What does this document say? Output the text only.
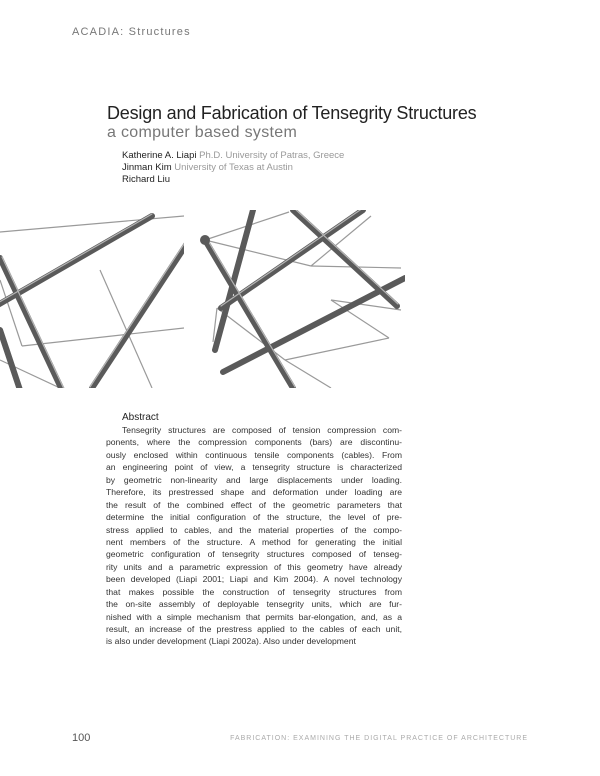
ACADIA: Structures
Design and Fabrication of Tensegrity Structures
a computer based system
Katherine A. Liapi Ph.D. University of Patras, Greece
Jinman Kim University of Texas at Austin
Richard Liu
Abstract
Tensegrity structures are composed of tension compression com-
ponents, where the compression components (bars) are discontinu-
ously enclosed within continuous tensile components (cables). From
an engineering point of view, a tensegrity structure is characterized
by geometric non-linearity and large displacements under loading.
Therefore, its prestressed shape and deformation under loading are
the result of the combined effect of the geometric parameters that
determine the initial configuration of the structure, the level of pre-
stress applied to cables, and the material properties of the compo-
nent members of the structure. A method for generating the initial
geometric configuration of tensegrity structures composed of tenseg-
rity units and a parametric expression of this geometry have already
been developed (Liapi 2001; Liapi and Kim 2004). A novel technology
that makes possible the construction of tensegrity structures from
the on-site assembly of deployable tensegrity units, which are fur-
nished with a simple mechanism that permits bar-elongation, and, as a
result, an increase of the prestress applied to the cables of each unit,
is also under development (Liapi 2002a). Also under development
100	FABRICATION: EXAMINING THE DIGITAL PRACTICE OF ARCHITECTURE
